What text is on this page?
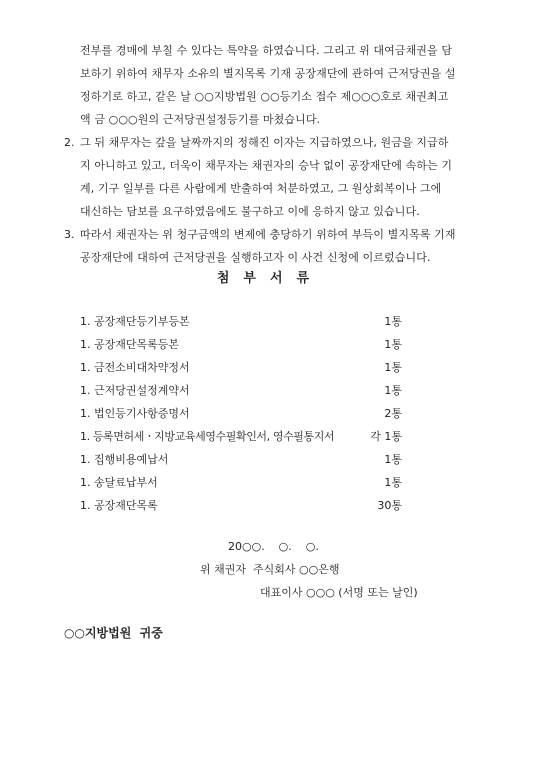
전부를 경매에 부칠 수 있다는 특약을 하였습니다. 그리고 위 대여금채권을 담
보하기 위하여 채무자 소유의 별지목록 기재 공장재단에 관하여 근저당권을 설
정하기로 하고, 같은 날 ○○지방법원 ○○등기소 접수 제○○○호로 채권최고
액 금 ○○○원의 근저당권설정등기를 마쳤습니다.
2. 그 뒤 채무자는 갚을 날짜까지의 정해진 이자는 지급하였으나, 원금을 지급하
지 아니하고 있고, 더욱이 채무자는 채권자의 승낙 없이 공장재단에 속하는 기
계, 기구 일부를 다른 사람에게 반출하여 처분하였고, 그 원상회복이나 그에
대신하는 담보를 요구하였음에도 불구하고 이에 응하지 않고 있습니다.
3. 따라서 채권자는 위 청구금액의 변제에 충당하기 위하여 부득이 별지목록 기재
공장재단에 대하여 근저당권을 실행하고자 이 사건 신청에 이르렀습니다.
첨부서류
1. 공장재단등기부등본	1통
1. 공장재단목록등본	1통
1. 금전소비대차약정서	1통
1. 근저당권설정계약서	1통
1. 법인등기사항증명서	2통
1. 등록면허세ㆍ지방교육세영수필확인서, 영수필통지서	각 1통
1. 집행비용예납서	1통
1. 송달료납부서	1통
1. 공장재단목록	30통
20○○.    ○.    ○.
위 채권자  주식회사 ○○은행
대표이사 ○○○ (서명 또는 날인)
○○지방법원  귀중
